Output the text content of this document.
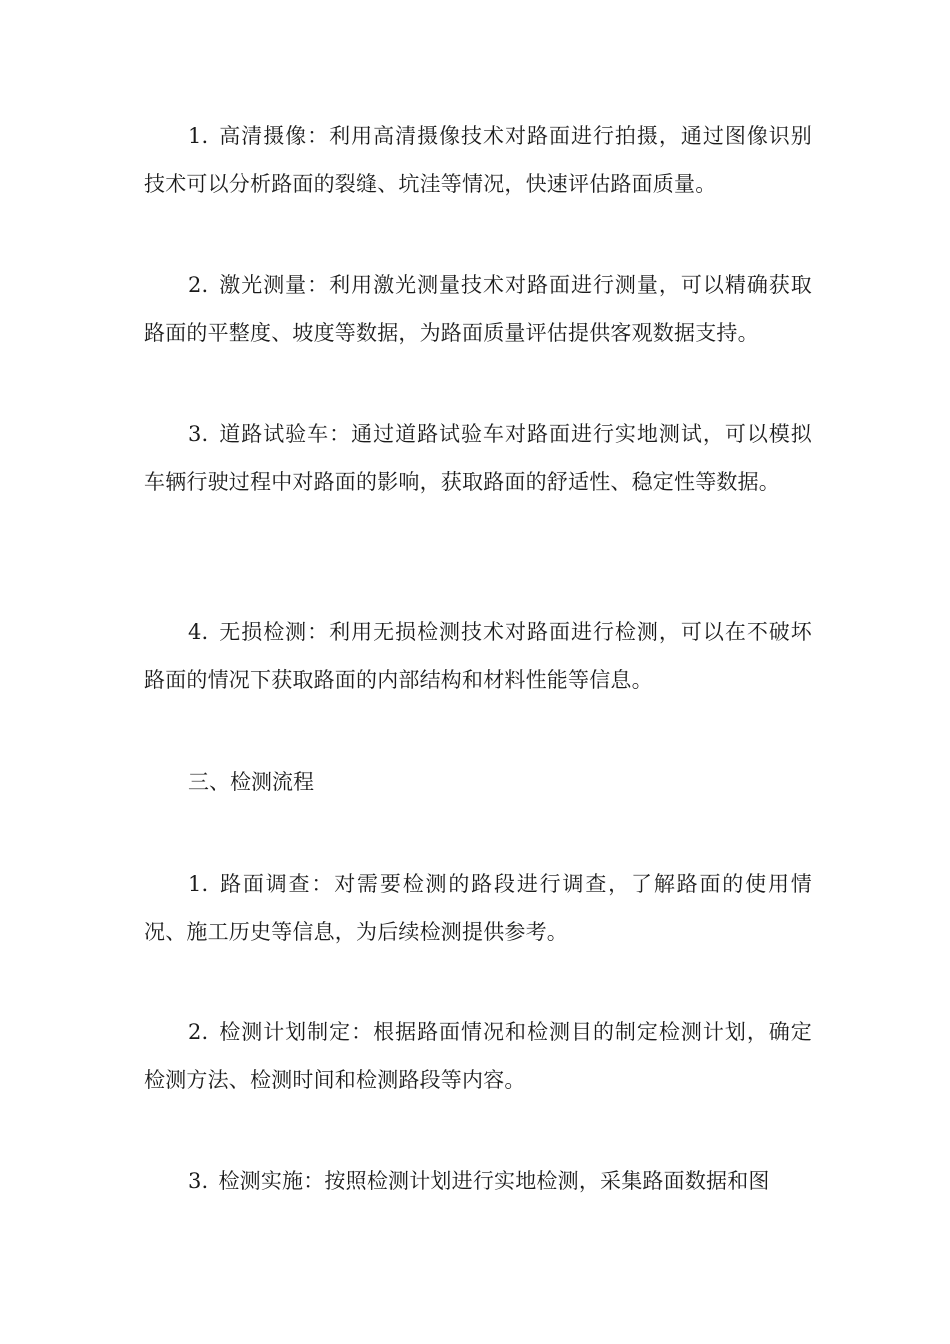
1. 高清摄像：利用高清摄像技术对路面进行拍摄，通过图像识别技术可以分析路面的裂缝、坑洼等情况，快速评估路面质量。

2. 激光测量：利用激光测量技术对路面进行测量，可以精确获取路面的平整度、坡度等数据，为路面质量评估提供客观数据支持。

3. 道路试验车：通过道路试验车对路面进行实地测试，可以模拟车辆行驶过程中对路面的影响，获取路面的舒适性、稳定性等数据。

4. 无损检测：利用无损检测技术对路面进行检测，可以在不破坏路面的情况下获取路面的内部结构和材料性能等信息。

三、检测流程

1. 路面调查：对需要检测的路段进行调查，了解路面的使用情况、施工历史等信息，为后续检测提供参考。

2. 检测计划制定：根据路面情况和检测目的制定检测计划，确定检测方法、检测时间和检测路段等内容。

3. 检测实施：按照检测计划进行实地检测，采集路面数据和图
